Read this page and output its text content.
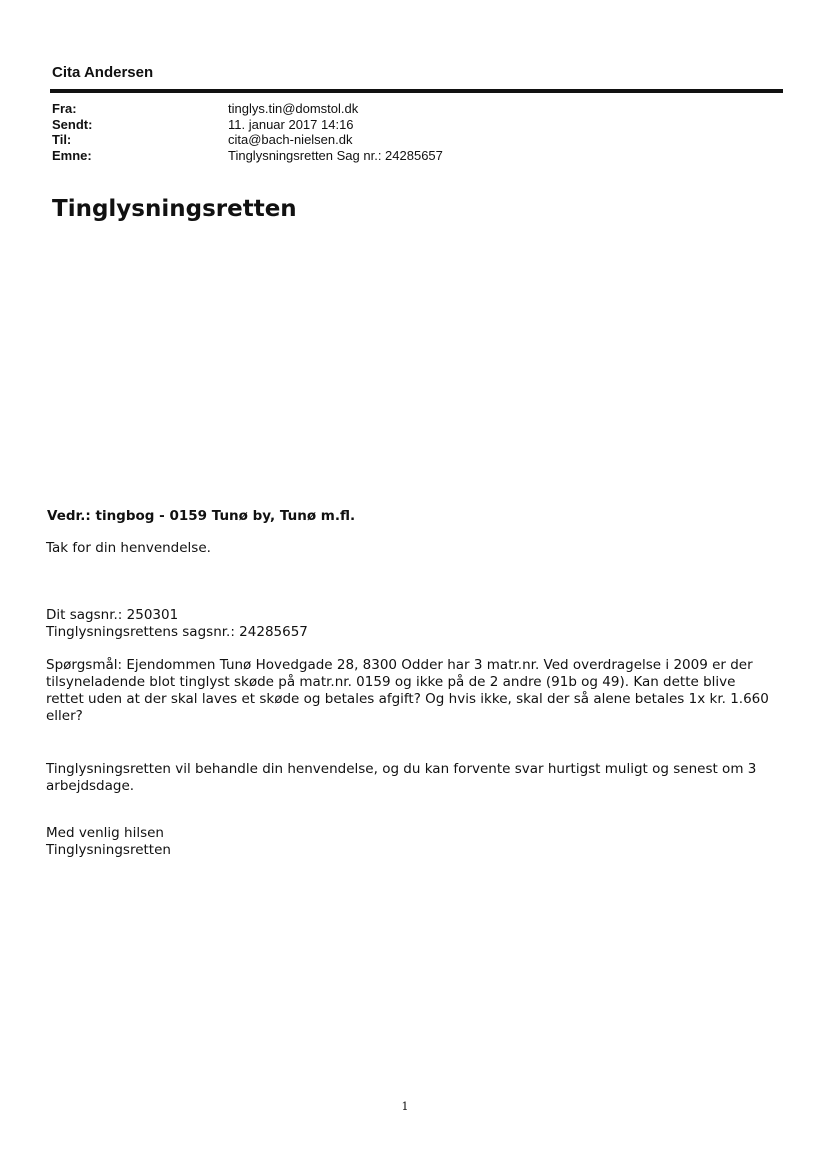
Cita Andersen
Fra:	tinglys.tin@domstol.dk
Sendt:	11. januar 2017 14:16
Til:	cita@bach-nielsen.dk
Emne:	Tinglysningsretten Sag nr.: 24285657
Tinglysningsretten

Vedr.: tingbog - 0159 Tunø by, Tunø m.fl.

Tak for din henvendelse.

Dit sagsnr.: 250301

Tinglysningsrettens sagsnr.: 24285657

Spørgsmål: Ejendommen Tunø Hovedgade 28, 8300 Odder har 3 matr.nr. Ved overdragelse i 2009 er der tilsyneladende blot tinglyst skøde på matr.nr. 0159 og ikke på de 2 andre (91b og 49). Kan dette blive rettet uden at der skal laves et skøde og betales afgift? Og hvis ikke, skal der så alene betales 1x kr. 1.660 eller?

Tinglysningsretten vil behandle din henvendelse, og du kan forvente svar hurtigst muligt og senest om 3 arbejdsdage.

Med venlig hilsen

Tinglysningsretten

1
